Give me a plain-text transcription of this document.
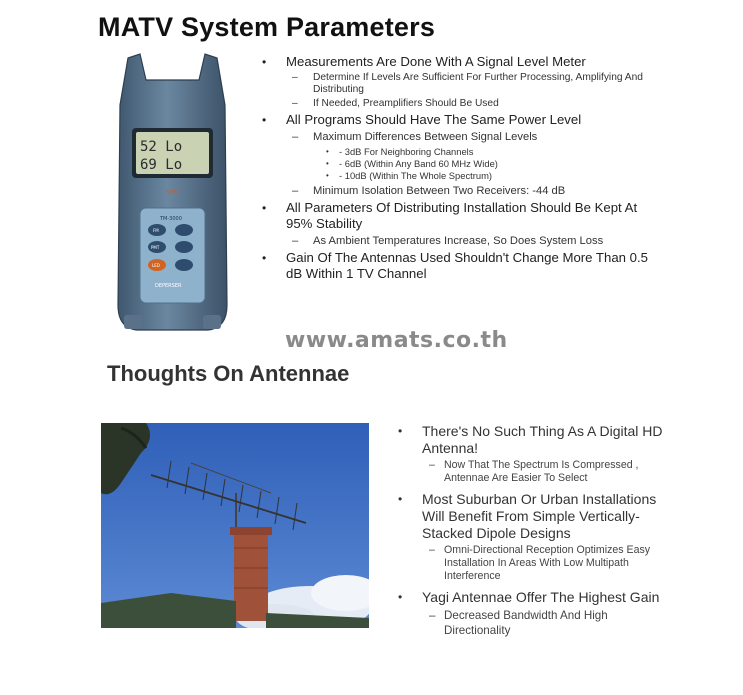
MATV System Parameters
52 Lo
69 Lo
SPM
TM-3000
FM
PMT
LED
DEPERSER
• Measurements Are Done With A Signal Level Meter
– Determine If Levels Are Sufficient For Further Processing, Amplifying And Distributing
– If Needed, Preamplifiers Should Be Used
• All Programs Should Have The Same Power Level
– Maximum Differences Between Signal Levels
• - 3dB For Neighboring Channels
• - 6dB (Within Any Band 60 MHz Wide)
• - 10dB (Within The Whole Spectrum)
– Minimum Isolation Between Two Receivers: -44 dB
• All Parameters Of Distributing Installation Should Be Kept At 95% Stability
– As Ambient Temperatures Increase, So Does System Loss
• Gain Of The Antennas Used Shouldn't Change More Than 0.5 dB Within 1 TV Channel

www.amats.co.th

Thoughts On Antennae
• There's No Such Thing As A Digital HD Antenna!
– Now That The Spectrum Is Compressed , Antennae Are Easier To Select
• Most Suburban Or Urban Installations Will Benefit From Simple Vertically-Stacked Dipole Designs
– Omni-Directional Reception Optimizes Easy Installation In Areas With Low Multipath Interference
• Yagi Antennae Offer The Highest Gain
– Decreased Bandwidth And High Directionality
